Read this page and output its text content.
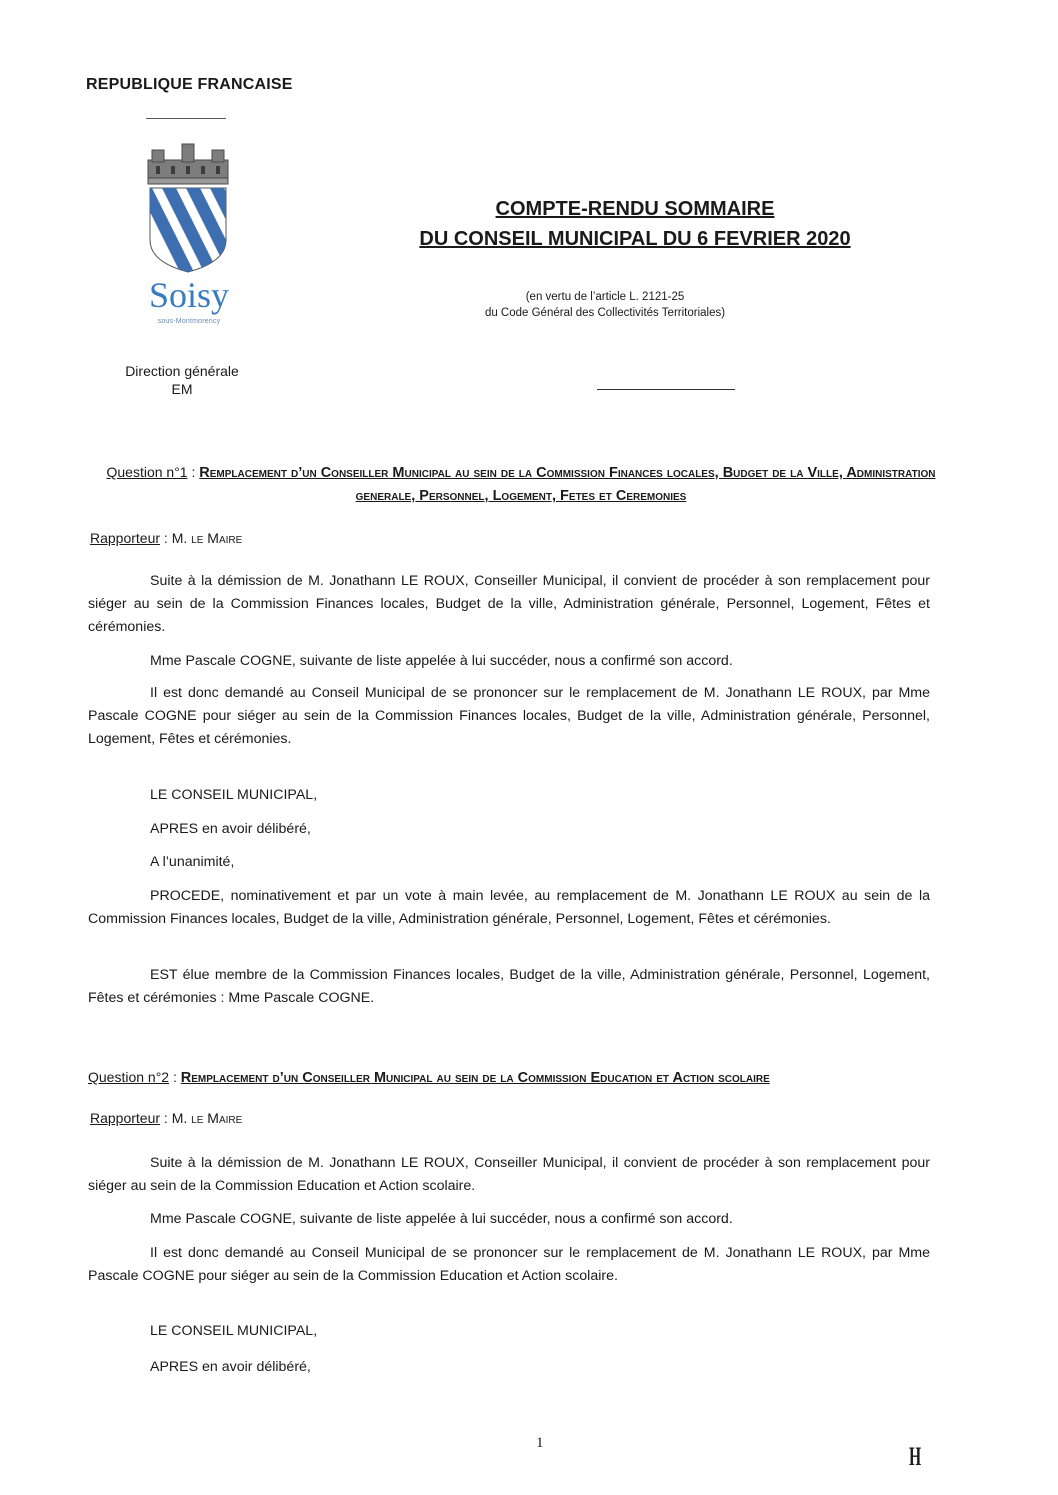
REPUBLIQUE FRANCAISE
Soisy
sous-Montmorency
Direction générale
EM
COMPTE-RENDU SOMMAIRE
DU CONSEIL MUNICIPAL DU 6 FEVRIER 2020
(en vertu de l’article L. 2121-25
du Code Général des Collectivités Territoriales)
Question n°1 : Remplacement d’un Conseiller Municipal au sein de la Commission Finances locales, Budget de la Ville, Administration generale, Personnel, Logement, Fetes et Ceremonies
Rapporteur : M. le Maire
Suite à la démission de M. Jonathann LE ROUX, Conseiller Municipal, il convient de procéder à son remplacement pour siéger au sein de la Commission Finances locales, Budget de la ville, Administration générale, Personnel, Logement, Fêtes et cérémonies.
Mme Pascale COGNE, suivante de liste appelée à lui succéder, nous a confirmé son accord.
Il est donc demandé au Conseil Municipal de se prononcer sur le remplacement de M. Jonathann LE ROUX, par Mme Pascale COGNE pour siéger au sein de la Commission Finances locales, Budget de la ville, Administration générale, Personnel, Logement, Fêtes et cérémonies.
LE CONSEIL MUNICIPAL,
APRES en avoir délibéré,
A l’unanimité,
PROCEDE, nominativement et par un vote à main levée, au remplacement de M. Jonathann LE ROUX au sein de la Commission Finances locales, Budget de la ville, Administration générale, Personnel, Logement, Fêtes et cérémonies.
EST élue membre de la Commission Finances locales, Budget de la ville, Administration générale, Personnel, Logement, Fêtes et cérémonies : Mme Pascale COGNE.
Question n°2 : Remplacement d’un Conseiller Municipal au sein de la Commission Education et Action scolaire
Rapporteur : M. le Maire
Suite à la démission de M. Jonathann LE ROUX, Conseiller Municipal, il convient de procéder à son remplacement pour siéger au sein de la Commission Education et Action scolaire.
Mme Pascale COGNE, suivante de liste appelée à lui succéder, nous a confirmé son accord.
Il est donc demandé au Conseil Municipal de se prononcer sur le remplacement de M. Jonathann LE ROUX, par Mme Pascale COGNE pour siéger au sein de la Commission Education et Action scolaire.
LE CONSEIL MUNICIPAL,
APRES en avoir délibéré,
1	H
